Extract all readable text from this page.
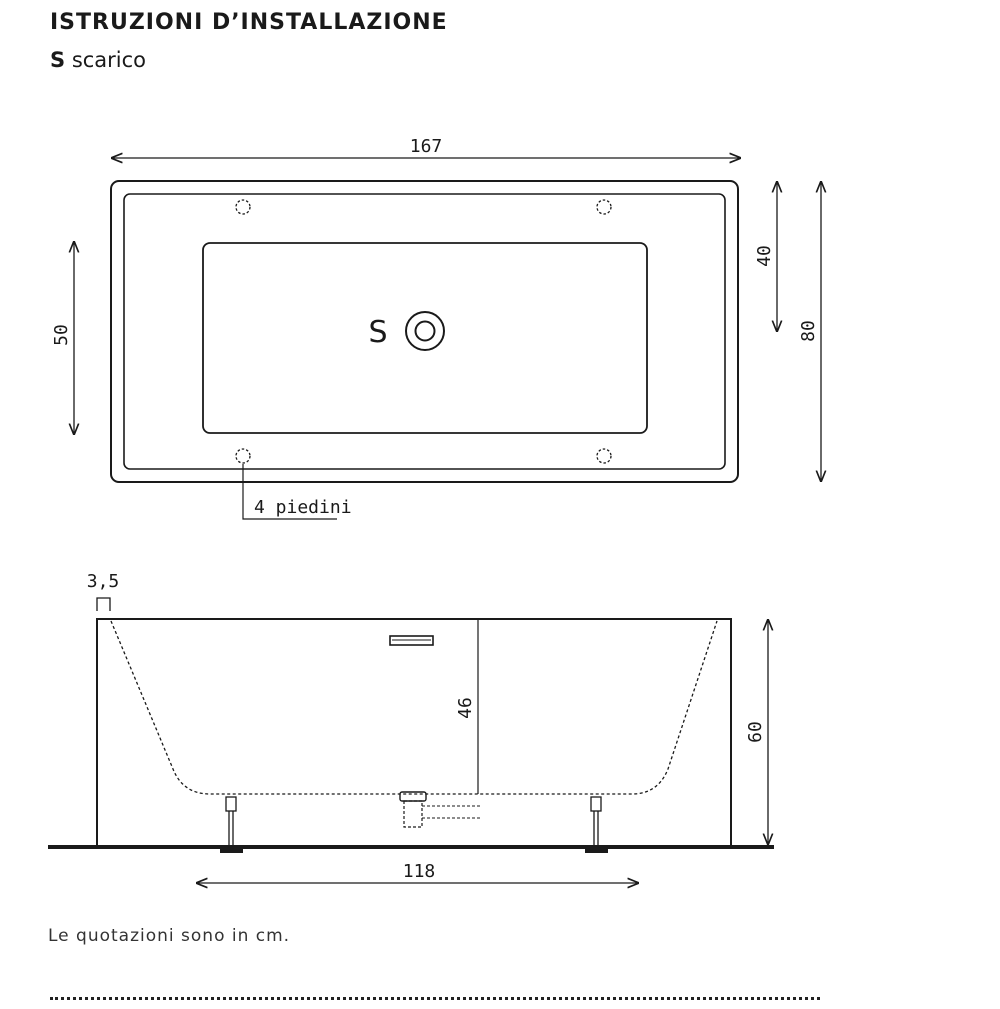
ISTRUZIONI D’INSTALLAZIONE
S scarico
167
S
50
40
80
4 piedini
3,5
46
60
118
Le quotazioni sono in cm.
